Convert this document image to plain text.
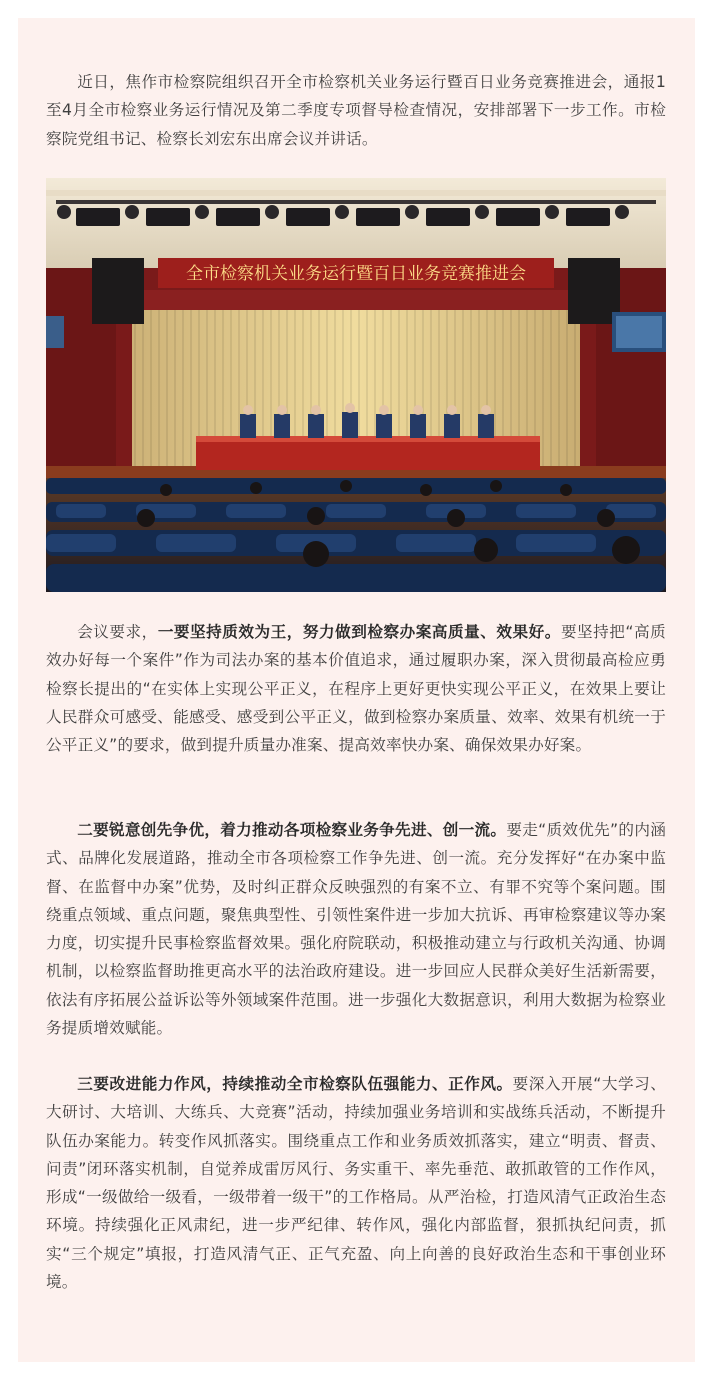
近日，焦作市检察院组织召开全市检察机关业务运行暨百日业务竞赛推进会，通报1至4月全市检察业务运行情况及第二季度专项督导检查情况，安排部署下一步工作。市检察院党组书记、检察长刘宏东出席会议并讲话。

全市检察机关业务运行暨百日业务竞赛推进会

会议要求，一要坚持质效为王，努力做到检察办案高质量、效果好。要坚持把“高质效办好每一个案件”作为司法办案的基本价值追求，通过履职办案，深入贯彻最高检应勇检察长提出的“在实体上实现公平正义，在程序上更好更快实现公平正义，在效果上要让人民群众可感受、能感受、感受到公平正义，做到检察办案质量、效率、效果有机统一于公平正义”的要求，做到提升质量办准案、提高效率快办案、确保效果办好案。

二要锐意创先争优，着力推动各项检察业务争先进、创一流。要走“质效优先”的内涵式、品牌化发展道路，推动全市各项检察工作争先进、创一流。充分发挥好“在办案中监督、在监督中办案”优势，及时纠正群众反映强烈的有案不立、有罪不究等个案问题。围绕重点领域、重点问题，聚焦典型性、引领性案件进一步加大抗诉、再审检察建议等办案力度，切实提升民事检察监督效果。强化府院联动，积极推动建立与行政机关沟通、协调机制，以检察监督助推更高水平的法治政府建设。进一步回应人民群众美好生活新需要，依法有序拓展公益诉讼等外领域案件范围。进一步强化大数据意识，利用大数据为检察业务提质增效赋能。

三要改进能力作风，持续推动全市检察队伍强能力、正作风。要深入开展“大学习、大研讨、大培训、大练兵、大竞赛”活动，持续加强业务培训和实战练兵活动，不断提升队伍办案能力。转变作风抓落实。围绕重点工作和业务质效抓落实，建立“明责、督责、问责”闭环落实机制，自觉养成雷厉风行、务实重干、率先垂范、敢抓敢管的工作作风，形成“一级做给一级看，一级带着一级干”的工作格局。从严治检，打造风清气正政治生态环境。持续强化正风肃纪，进一步严纪律、转作风，强化内部监督，狠抓执纪问责，抓实“三个规定”填报，打造风清气正、正气充盈、向上向善的良好政治生态和干事创业环境。
